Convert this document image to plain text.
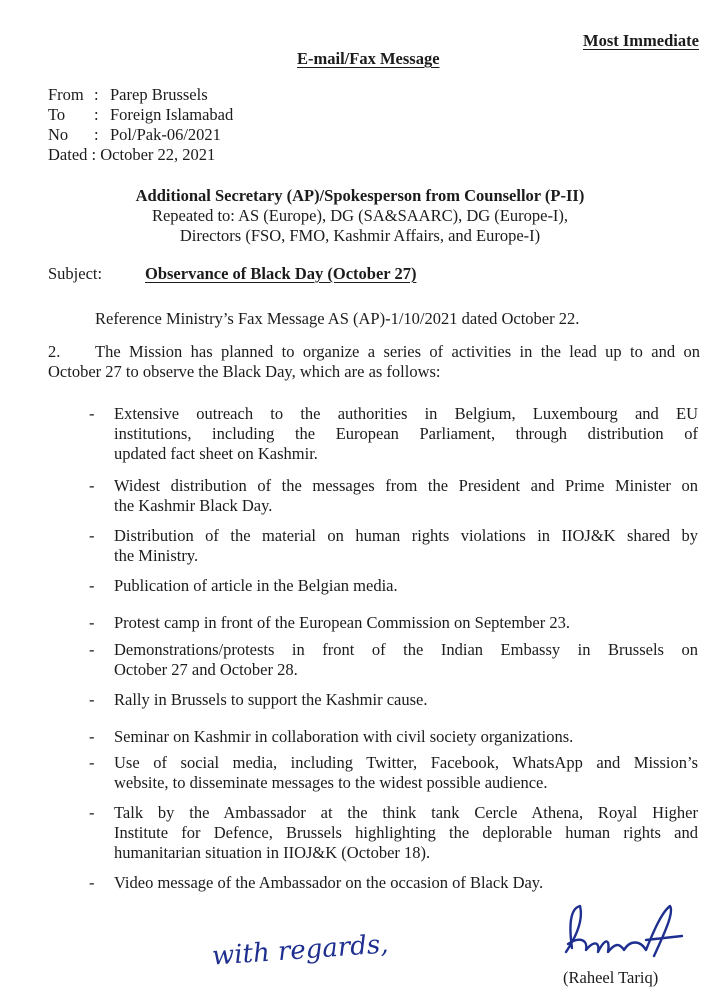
Most Immediate
E-mail/Fax Message
From : Parep Brussels
To : Foreign Islamabad
No : Pol/Pak-06/2021
Dated : October 22, 2021
Additional Secretary (AP)/Spokesperson from Counsellor (P-II)
Repeated to: AS (Europe), DG (SA&SAARC), DG (Europe-I),
Directors (FSO, FMO, Kashmir Affairs, and Europe-I)
Subject:	Observance of Black Day (October 27)
Reference Ministry’s Fax Message AS (AP)-1/10/2021 dated October 22.
2. The Mission has planned to organize a series of activities in the lead up to and on
October 27 to observe the Black Day, which are as follows:
- Extensive outreach to the authorities in Belgium, Luxembourg and EU
institutions, including the European Parliament, through distribution of
updated fact sheet on Kashmir.
- Widest distribution of the messages from the President and Prime Minister on
the Kashmir Black Day.
- Distribution of the material on human rights violations in IIOJ&K shared by
the Ministry.
- Publication of article in the Belgian media.
- Protest camp in front of the European Commission on September 23.
- Demonstrations/protests in front of the Indian Embassy in Brussels on
October 27 and October 28.
- Rally in Brussels to support the Kashmir cause.
- Seminar on Kashmir in collaboration with civil society organizations.
- Use of social media, including Twitter, Facebook, WhatsApp and Mission’s
website, to disseminate messages to the widest possible audience.
- Talk by the Ambassador at the think tank Cercle Athena, Royal Higher
Institute for Defence, Brussels highlighting the deplorable human rights and
humanitarian situation in IIOJ&K (October 18).
- Video message of the Ambassador on the occasion of Black Day.
with regards,
(Raheel Tariq)
